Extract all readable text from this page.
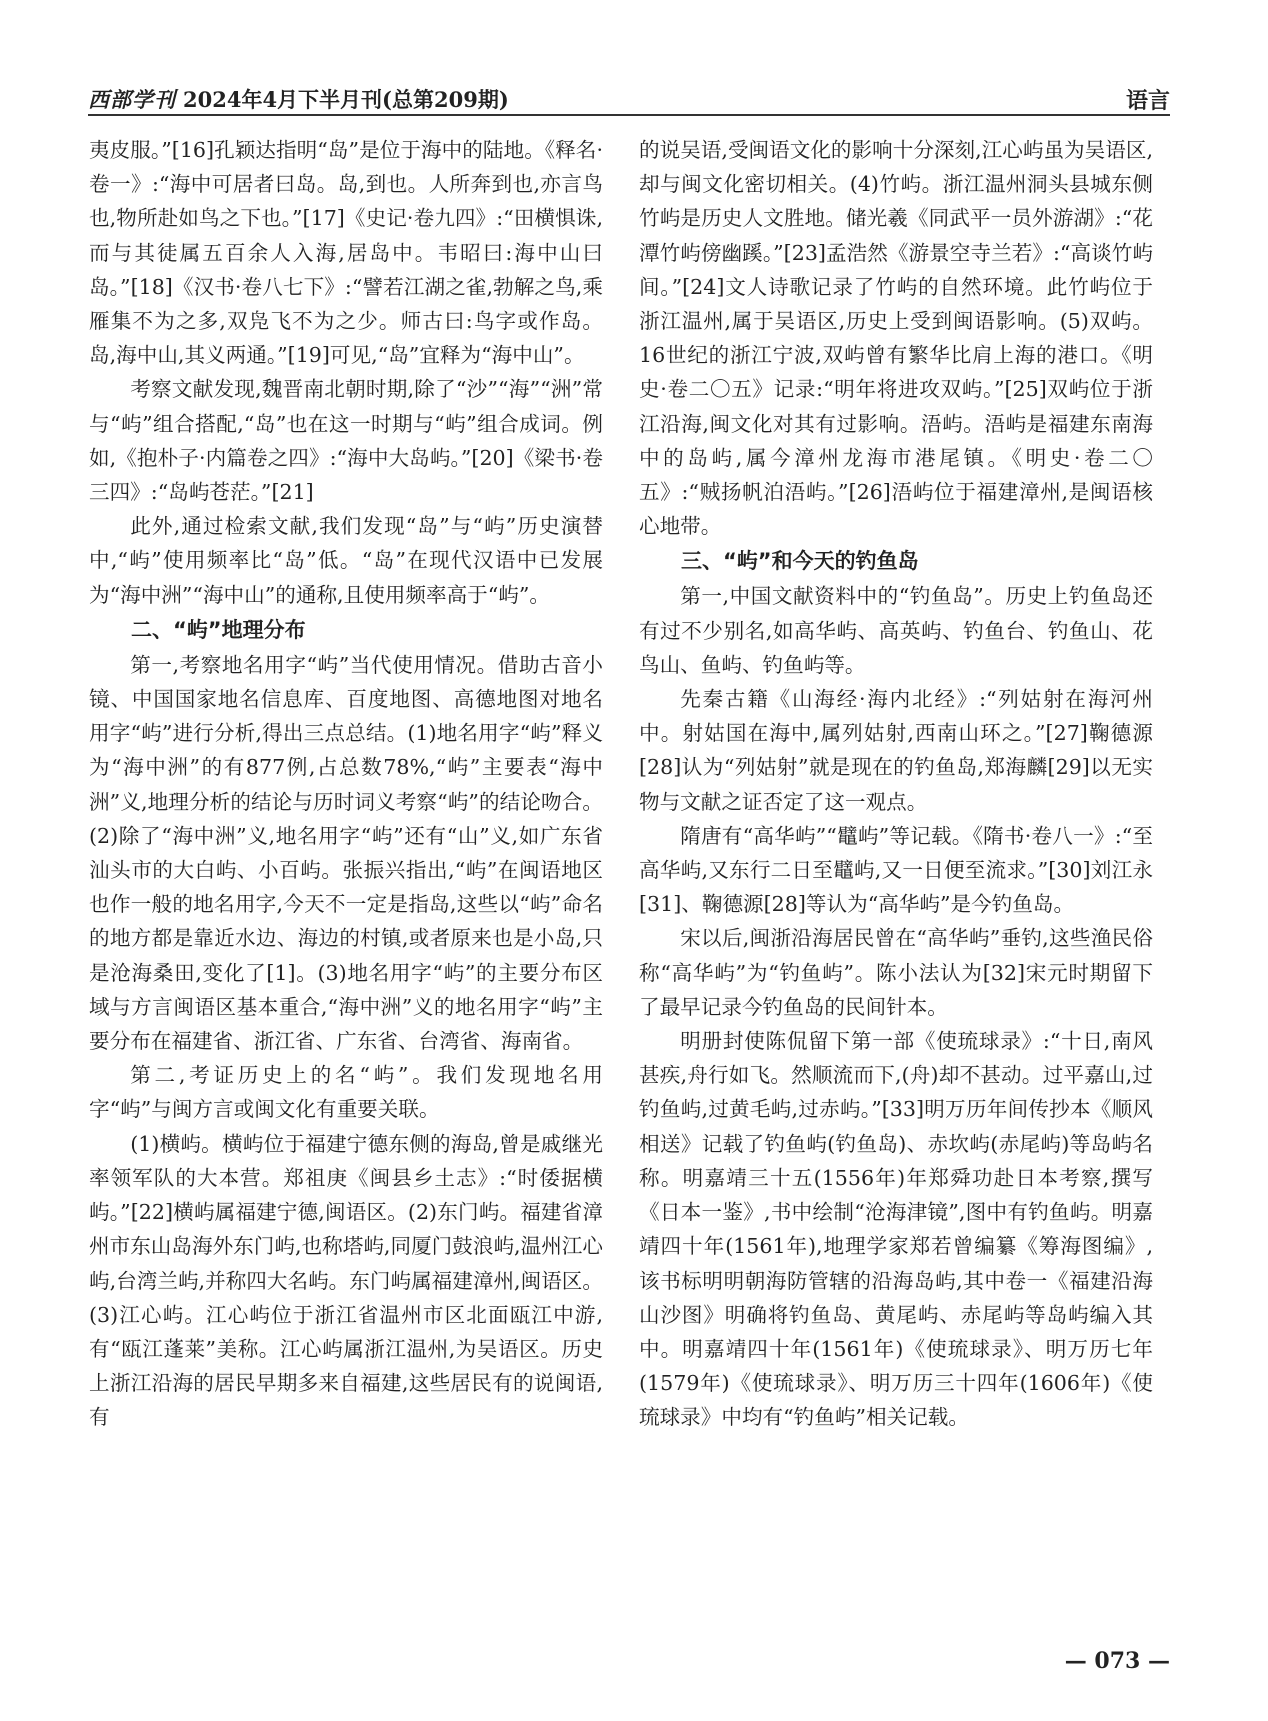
西部学刊 2024年4月下半月刊(总第209期)	语言

夷皮服。”[16]孔颖达指明“岛”是位于海中的陆地。《释名·卷一》:“海中可居者曰岛。岛,到也。人所奔到也,亦言鸟也,物所赴如鸟之下也。”[17]《史记·卷九四》:“田横惧诛,而与其徒属五百余人入海,居岛中。韦昭曰:海中山曰岛。”[18]《汉书·卷八七下》:“譬若江湖之雀,勃解之鸟,乘雁集不为之多,双凫飞不为之少。师古曰:鸟字或作岛。岛,海中山,其义两通。”[19]可见,“岛”宜释为“海中山”。

考察文献发现,魏晋南北朝时期,除了“沙”“海”“洲”常与“屿”组合搭配,“岛”也在这一时期与“屿”组合成词。例如,《抱朴子·内篇卷之四》:“海中大岛屿。”[20]《梁书·卷三四》:“岛屿苍茫。”[21]

此外,通过检索文献,我们发现“岛”与“屿”历史演替中,“屿”使用频率比“岛”低。“岛”在现代汉语中已发展为“海中洲”“海中山”的通称,且使用频率高于“屿”。

二、“屿”地理分布

第一,考察地名用字“屿”当代使用情况。借助古音小镜、中国国家地名信息库、百度地图、高德地图对地名用字“屿”进行分析,得出三点总结。(1)地名用字“屿”释义为“海中洲”的有877例,占总数78%,“屿”主要表“海中洲”义,地理分析的结论与历时词义考察“屿”的结论吻合。(2)除了“海中洲”义,地名用字“屿”还有“山”义,如广东省汕头市的大白屿、小百屿。张振兴指出,“屿”在闽语地区也作一般的地名用字,今天不一定是指岛,这些以“屿”命名的地方都是靠近水边、海边的村镇,或者原来也是小岛,只是沧海桑田,变化了[1]。(3)地名用字“屿”的主要分布区域与方言闽语区基本重合,“海中洲”义的地名用字“屿”主要分布在福建省、浙江省、广东省、台湾省、海南省。

第二,考证历史上的名“屿”。我们发现地名用字“屿”与闽方言或闽文化有重要关联。

(1)横屿。横屿位于福建宁德东侧的海岛,曾是戚继光率领军队的大本营。郑祖庚《闽县乡土志》:“时倭据横屿。”[22]横屿属福建宁德,闽语区。(2)东门屿。福建省漳州市东山岛海外东门屿,也称塔屿,同厦门鼓浪屿,温州江心屿,台湾兰屿,并称四大名屿。东门屿属福建漳州,闽语区。(3)江心屿。江心屿位于浙江省温州市区北面瓯江中游,有“瓯江蓬莱”美称。江心屿属浙江温州,为吴语区。历史上浙江沿海的居民早期多来自福建,这些居民有的说闽语,有

的说吴语,受闽语文化的影响十分深刻,江心屿虽为吴语区,却与闽文化密切相关。(4)竹屿。浙江温州洞头县城东侧竹屿是历史人文胜地。储光羲《同武平一员外游湖》:“花潭竹屿傍幽蹊。”[23]孟浩然《游景空寺兰若》:“高谈竹屿间。”[24]文人诗歌记录了竹屿的自然环境。此竹屿位于浙江温州,属于吴语区,历史上受到闽语影响。(5)双屿。16世纪的浙江宁波,双屿曾有繁华比肩上海的港口。《明史·卷二〇五》记录:“明年将进攻双屿。”[25]双屿位于浙江沿海,闽文化对其有过影响。浯屿。浯屿是福建东南海中的岛屿,属今漳州龙海市港尾镇。《明史·卷二〇五》:“贼扬帆泊浯屿。”[26]浯屿位于福建漳州,是闽语核心地带。

三、“屿”和今天的钓鱼岛

第一,中国文献资料中的“钓鱼岛”。历史上钓鱼岛还有过不少别名,如高华屿、高英屿、钓鱼台、钓鱼山、花鸟山、鱼屿、钓鱼屿等。

先秦古籍《山海经·海内北经》:“列姑射在海河州中。射姑国在海中,属列姑射,西南山环之。”[27]鞠德源[28]认为“列姑射”就是现在的钓鱼岛,郑海麟[29]以无实物与文献之证否定了这一观点。

隋唐有“高华屿”“鼊屿”等记载。《隋书·卷八一》:“至高华屿,又东行二日至鼊屿,又一日便至流求。”[30]刘江永[31]、鞠德源[28]等认为“高华屿”是今钓鱼岛。

宋以后,闽浙沿海居民曾在“高华屿”垂钓,这些渔民俗称“高华屿”为“钓鱼屿”。陈小法认为[32]宋元时期留下了最早记录今钓鱼岛的民间针本。

明册封使陈侃留下第一部《使琉球录》:“十日,南风甚疾,舟行如飞。然顺流而下,(舟)却不甚动。过平嘉山,过钓鱼屿,过黄毛屿,过赤屿。”[33]明万历年间传抄本《顺风相送》记载了钓鱼屿(钓鱼岛)、赤坎屿(赤尾屿)等岛屿名称。明嘉靖三十五(1556年)年郑舜功赴日本考察,撰写《日本一鉴》,书中绘制“沧海津镜”,图中有钓鱼屿。明嘉靖四十年(1561年),地理学家郑若曾编纂《筹海图编》,该书标明明朝海防管辖的沿海岛屿,其中卷一《福建沿海山沙图》明确将钓鱼岛、黄尾屿、赤尾屿等岛屿编入其中。明嘉靖四十年(1561年)《使琉球录》、明万历七年(1579年)《使琉球录》、明万历三十四年(1606年)《使琉球录》中均有“钓鱼屿”相关记载。

— 073 —
